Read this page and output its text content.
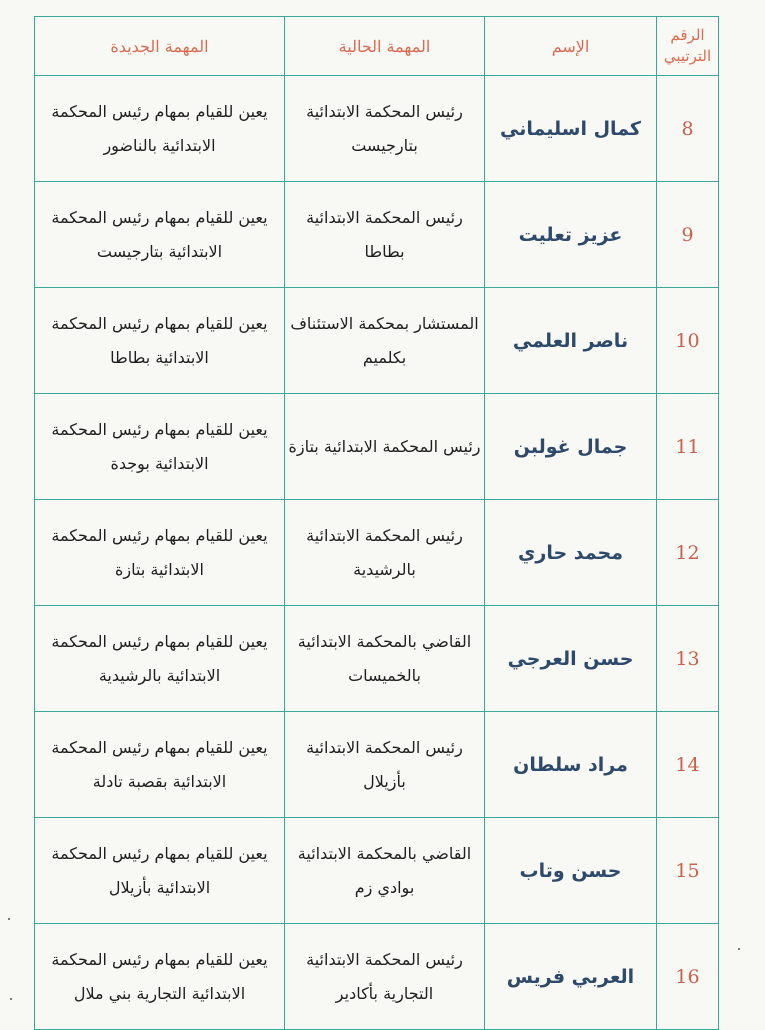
الرقم الترتيبي	الإسم	المهمة الحالية	المهمة الجديدة
8	كمال اسليماني	رئيس المحكمة الابتدائية بتارجيست	يعين للقيام بمهام رئيس المحكمة الابتدائية بالناضور
9	عزيز تعليت	رئيس المحكمة الابتدائية بطاطا	يعين للقيام بمهام رئيس المحكمة الابتدائية بتارجيست
10	ناصر العلمي	المستشار بمحكمة الاستئناف بكلميم	يعين للقيام بمهام رئيس المحكمة الابتدائية بطاطا
11	جمال غولبن	رئيس المحكمة الابتدائية بتازة	يعين للقيام بمهام رئيس المحكمة الابتدائية بوجدة
12	محمد حاري	رئيس المحكمة الابتدائية بالرشيدية	يعين للقيام بمهام رئيس المحكمة الابتدائية بتازة
13	حسن العرجي	القاضي بالمحكمة الابتدائية بالخميسات	يعين للقيام بمهام رئيس المحكمة الابتدائية بالرشيدية
14	مراد سلطان	رئيس المحكمة الابتدائية بأزيلال	يعين للقيام بمهام رئيس المحكمة الابتدائية بقصبة تادلة
15	حسن وتاب	القاضي بالمحكمة الابتدائية بوادي زم	يعين للقيام بمهام رئيس المحكمة الابتدائية بأزيلال
16	العربي فريس	رئيس المحكمة الابتدائية التجارية بأكادير	يعين للقيام بمهام رئيس المحكمة الابتدائية التجارية بني ملال
